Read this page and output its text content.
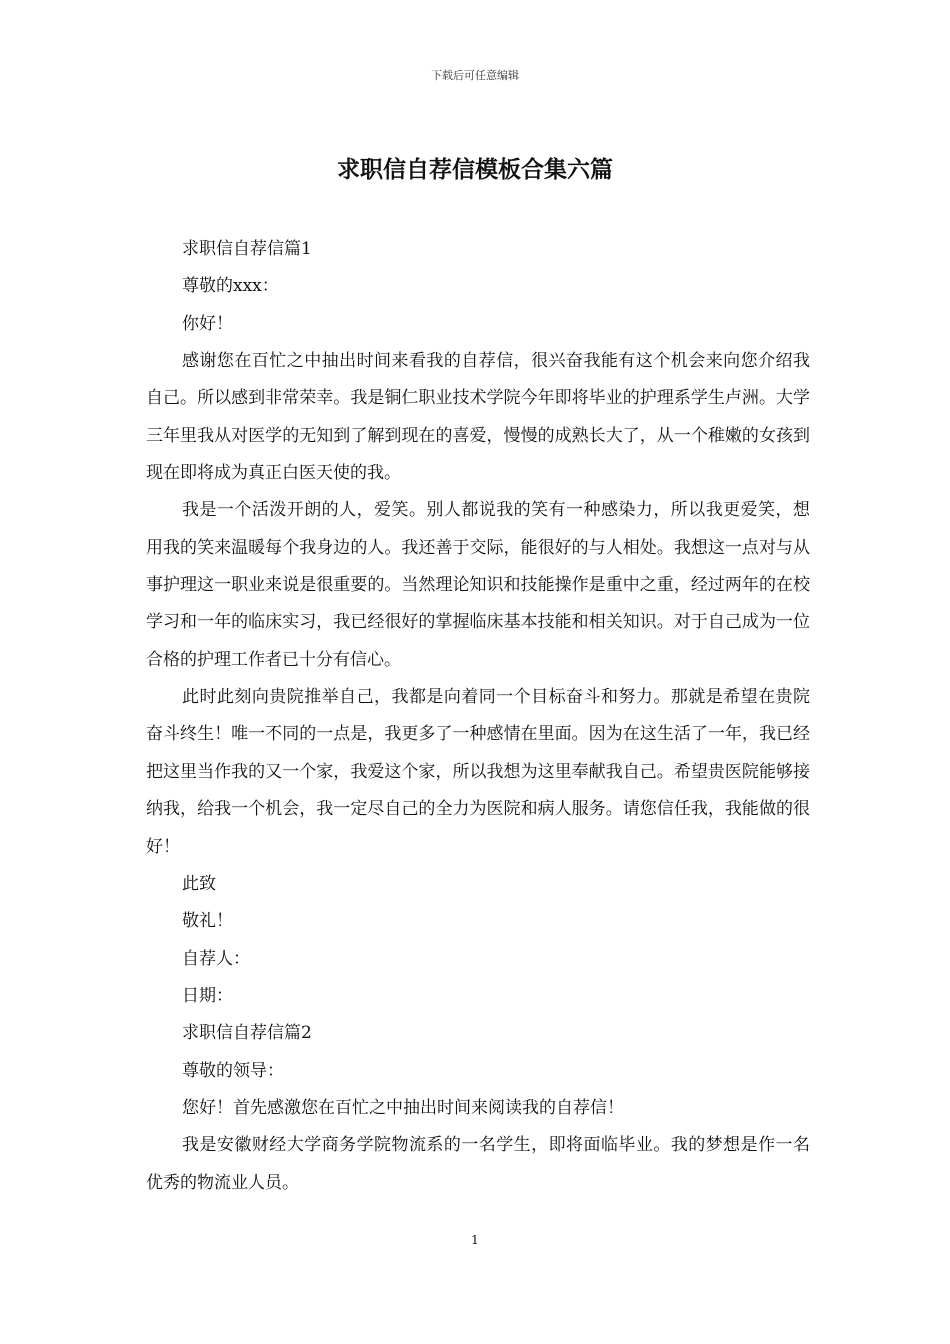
下载后可任意编辑
求职信自荐信模板合集六篇

求职信自荐信篇1

尊敬的xxx：

你好！

感谢您在百忙之中抽出时间来看我的自荐信，很兴奋我能有这个机会来向您介绍我自己。所以感到非常荣幸。我是铜仁职业技术学院今年即将毕业的护理系学生卢洲。大学三年里我从对医学的无知到了解到现在的喜爱，慢慢的成熟长大了，从一个稚嫩的女孩到现在即将成为真正白医天使的我。

我是一个活泼开朗的人，爱笑。别人都说我的笑有一种感染力，所以我更爱笑，想用我的笑来温暖每个我身边的人。我还善于交际，能很好的与人相处。我想这一点对与从事护理这一职业来说是很重要的。当然理论知识和技能操作是重中之重，经过两年的在校学习和一年的临床实习，我已经很好的掌握临床基本技能和相关知识。对于自己成为一位合格的护理工作者已十分有信心。

此时此刻向贵院推举自己，我都是向着同一个目标奋斗和努力。那就是希望在贵院奋斗终生！唯一不同的一点是，我更多了一种感情在里面。因为在这生活了一年，我已经把这里当作我的又一个家，我爱这个家，所以我想为这里奉献我自己。希望贵医院能够接纳我，给我一个机会，我一定尽自己的全力为医院和病人服务。请您信任我，我能做的很好！

此致

敬礼！

自荐人：

日期：

求职信自荐信篇2

尊敬的领导：

您好！首先感激您在百忙之中抽出时间来阅读我的自荐信！

我是安徽财经大学商务学院物流系的一名学生，即将面临毕业。我的梦想是作一名优秀的物流业人员。

1
